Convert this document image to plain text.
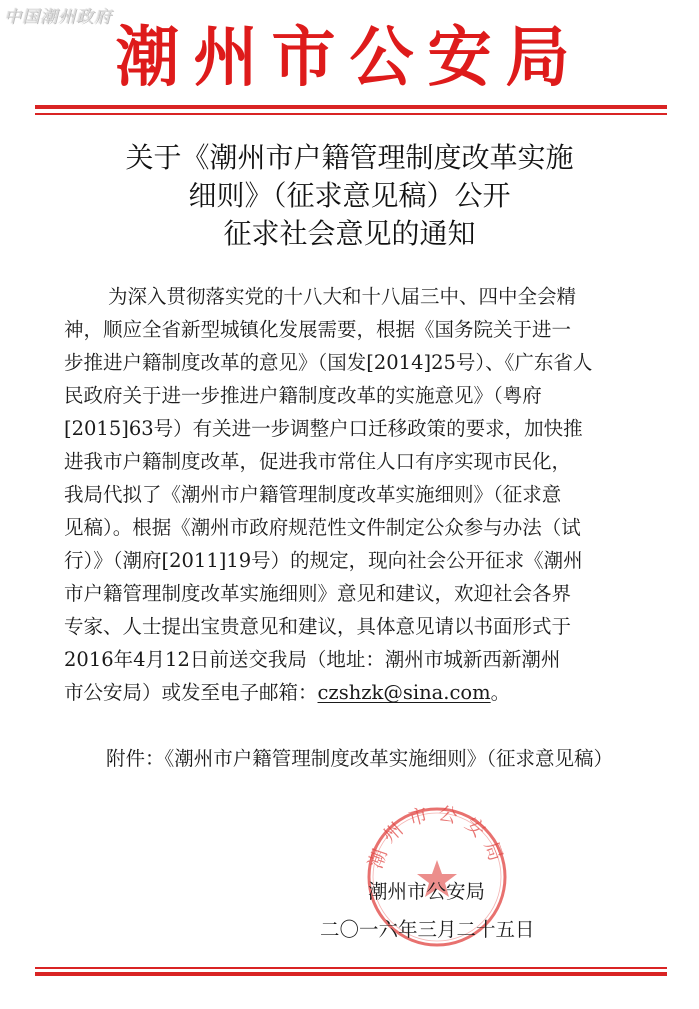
中国潮州政府
潮州市公安局
关于《潮州市户籍管理制度改革实施
细则》（征求意见稿）公开
征求社会意见的通知
为深入贯彻落实党的十八大和十八届三中、四中全会精
神，顺应全省新型城镇化发展需要，根据《国务院关于进一
步推进户籍制度改革的意见》（国发[2014]25号）、《广东省人
民政府关于进一步推进户籍制度改革的实施意见》（粤府
[2015]63号）有关进一步调整户口迁移政策的要求，加快推
进我市户籍制度改革，促进我市常住人口有序实现市民化，
我局代拟了《潮州市户籍管理制度改革实施细则》（征求意
见稿）。根据《潮州市政府规范性文件制定公众参与办法（试
行）》（潮府[2011]19号）的规定，现向社会公开征求《潮州
市户籍管理制度改革实施细则》意见和建议，欢迎社会各界
专家、人士提出宝贵意见和建议，具体意见请以书面形式于
2016年4月12日前送交我局（地址：潮州市城新西新潮州
市公安局）或发至电子邮箱：czshzk@sina.com。
附件：《潮州市户籍管理制度改革实施细则》（征求意见稿）
潮州市公安局
潮州市公安局
二〇一六年三月二十五日
